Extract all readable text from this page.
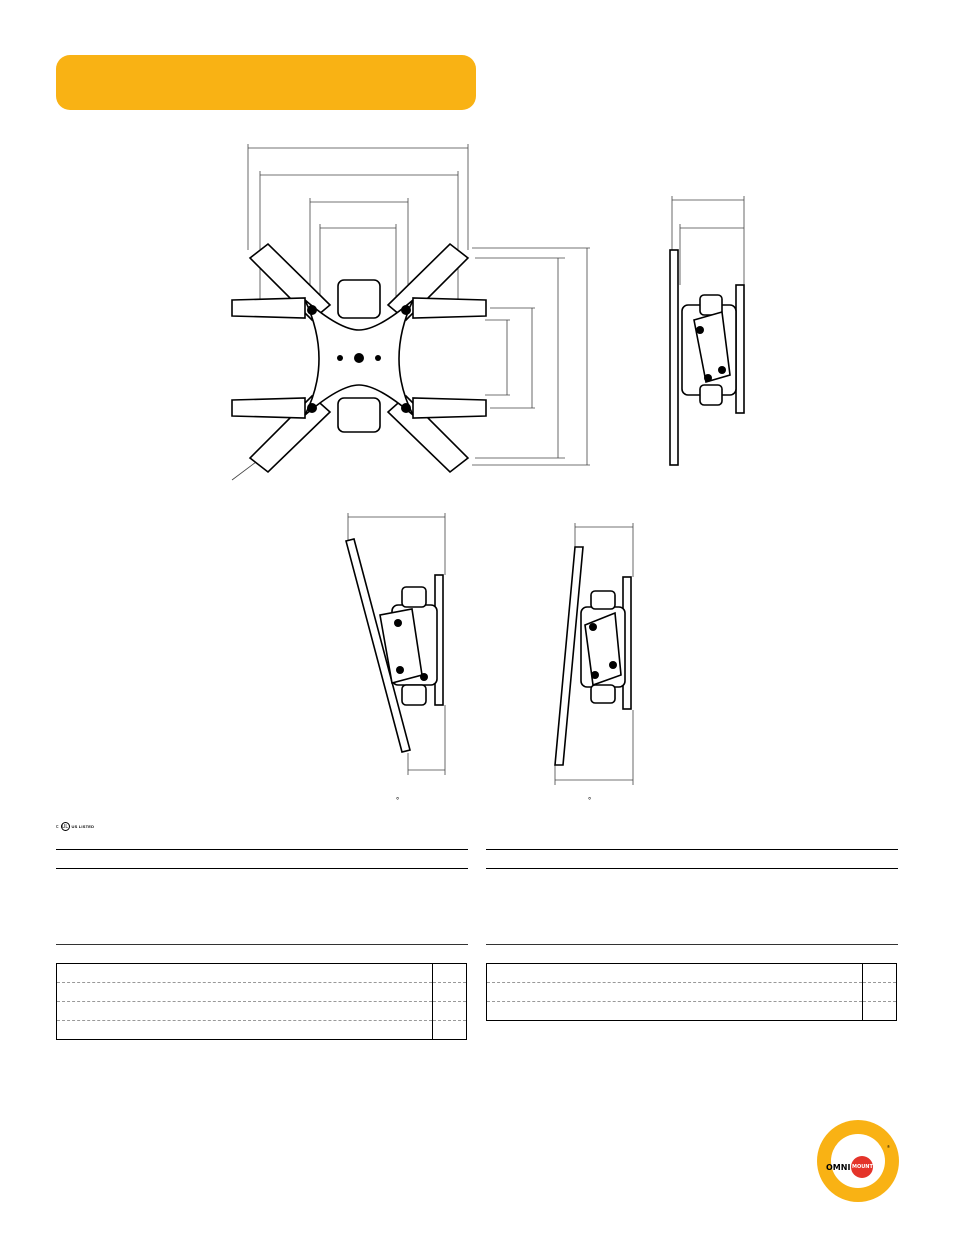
°	°
c UL US LISTED

OMNI MOUNT
®
